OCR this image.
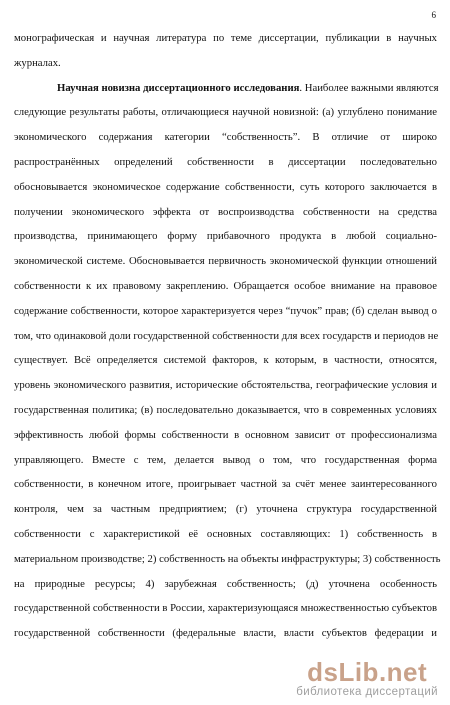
6
монографическая и научная литература по теме диссертации, публикации в научных
журналах.
Научная новизна диссертационного исследования. Наиболее важными являются
следующие результаты работы, отличающиеся научной новизной: (а) углублено понимание
экономического содержания категории “собственность”. В отличие от широко
распространённых определений собственности в диссертации последовательно
обосновывается экономическое содержание собственности, суть которого заключается в
получении экономического эффекта от воспроизводства собственности на средства
производства, принимающего форму прибавочного продукта в любой социально-
экономической системе. Обосновывается первичность экономической функции отношений
собственности к их правовому закреплению. Обращается особое внимание на правовое
содержание собственности, которое характеризуется через “пучок” прав; (б) сделан вывод о
том, что одинаковой доли государственной собственности для всех государств и периодов не
существует. Всё определяется системой факторов, к которым, в частности, относятся,
уровень экономического развития, исторические обстоятельства, географические условия и
государственная политика; (в) последовательно доказывается, что в современных условиях
эффективность любой формы собственности в основном зависит от профессионализма
управляющего. Вместе с тем, делается вывод о том, что государственная форма
собственности, в конечном итоге, проигрывает частной за счёт менее заинтересованного
контроля, чем за частным предприятием; (г) уточнена структура государственной
собственности с характеристикой её основных составляющих: 1) собственность в
материальном производстве; 2) собственность на объекты инфраструктуры; 3) собственность
на природные ресурсы; 4) зарубежная собственность; (д) уточнена особенность
государственной собственности в России, характеризующаяся множественностью субъектов
государственной собственности (федеральные власти, власти субъектов федерации и
dsLib.net
библиотека диссертаций
